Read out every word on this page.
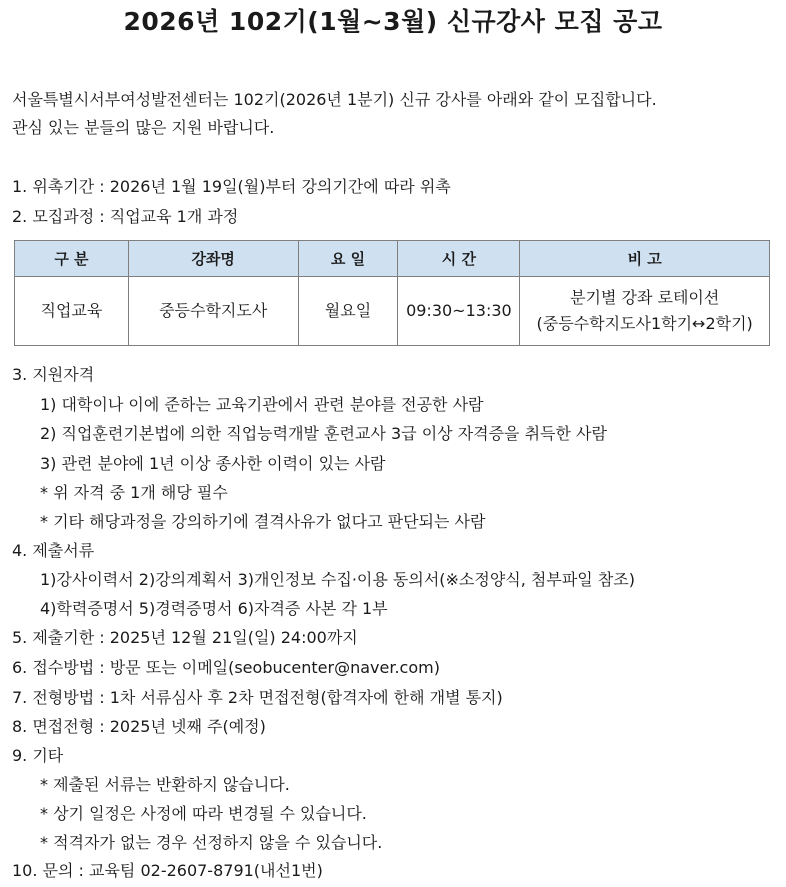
2026년 102기(1월~3월) 신규강사 모집 공고
서울특별시서부여성발전센터는 102기(2026년 1분기) 신규 강사를 아래와 같이 모집합니다.
관심 있는 분들의 많은 지원 바랍니다.
1. 위촉기간 : 2026년 1월 19일(월)부터 강의기간에 따라 위촉
2. 모집과정 : 직업교육 1개 과정
구 분	강좌명	요 일	시 간	비 고
직업교육	중등수학지도사	월요일	09:30~13:30	분기별 강좌 로테이션
(중등수학지도사1학기↔2학기)
3. 지원자격
1) 대학이나 이에 준하는 교육기관에서 관련 분야를 전공한 사람
2) 직업훈련기본법에 의한 직업능력개발 훈련교사 3급 이상 자격증을 취득한 사람
3) 관련 분야에 1년 이상 종사한 이력이 있는 사람
* 위 자격 중 1개 해당 필수
* 기타 해당과정을 강의하기에 결격사유가 없다고 판단되는 사람
4. 제출서류
1)강사이력서 2)강의계획서 3)개인정보 수집·이용 동의서(※소정양식, 첨부파일 참조)
4)학력증명서 5)경력증명서 6)자격증 사본 각 1부
5. 제출기한 : 2025년 12월 21일(일) 24:00까지
6. 접수방법 : 방문 또는 이메일(seobucenter@naver.com)
7. 전형방법 : 1차 서류심사 후 2차 면접전형(합격자에 한해 개별 통지)
8. 면접전형 : 2025년 넷째 주(예정)
9. 기타
* 제출된 서류는 반환하지 않습니다.
* 상기 일정은 사정에 따라 변경될 수 있습니다.
* 적격자가 없는 경우 선정하지 않을 수 있습니다.
10. 문의 : 교육팀 02-2607-8791(내선1번)
